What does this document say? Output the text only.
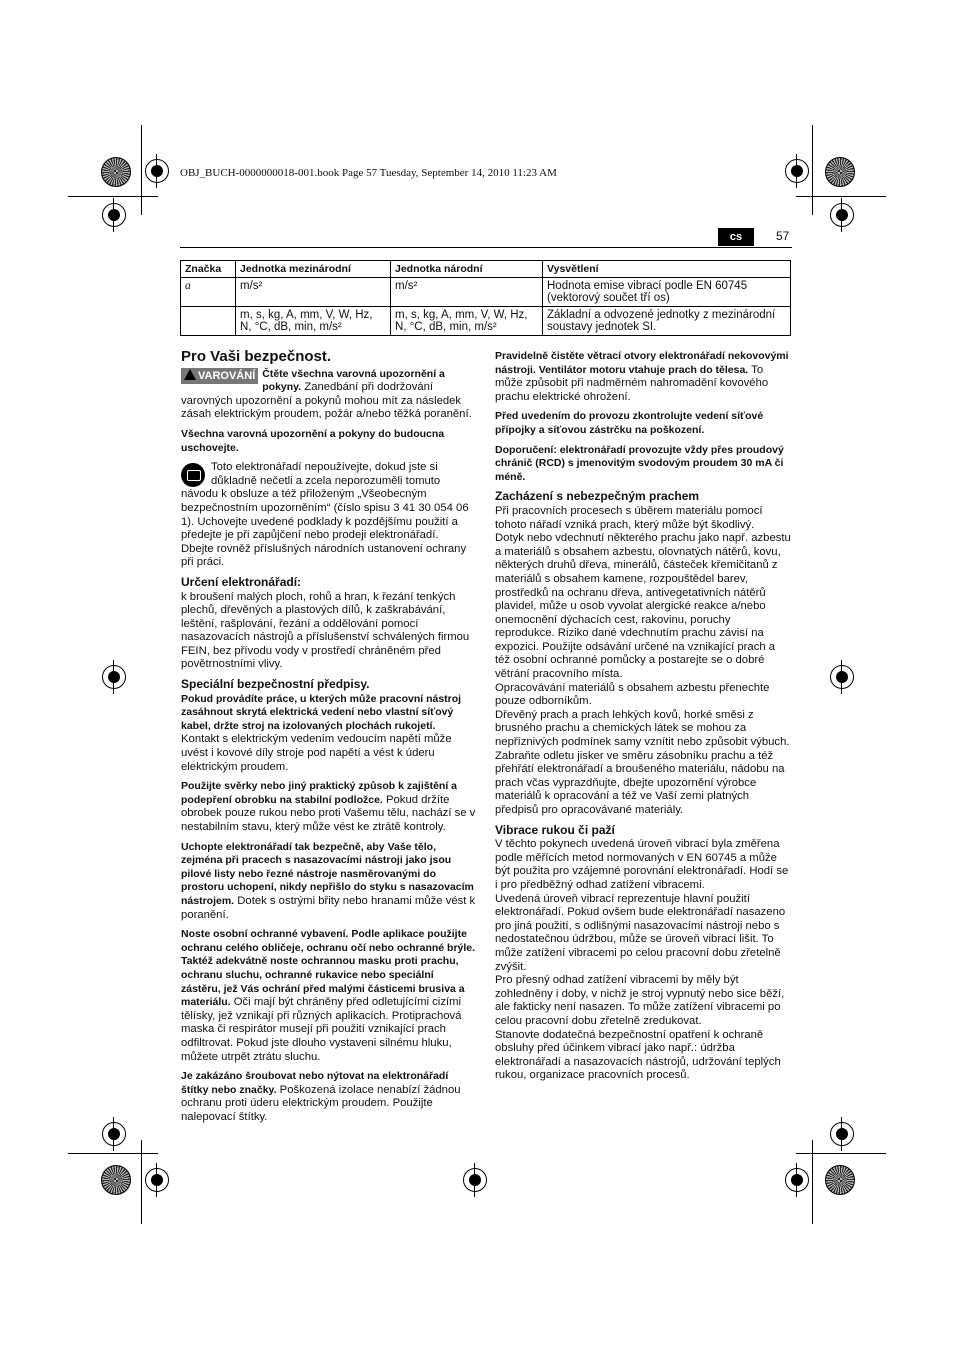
OBJ_BUCH-0000000018-001.book Page 57 Tuesday, September 14, 2010 11:23 AM
cs	57
Značka	Jednotka mezinárodní	Jednotka národní	Vysvětlení
a	m/s²	m/s²	Hodnota emise vibrací podle EN 60745 (vektorový součet tří os)
	m, s, kg, A, mm, V, W, Hz, N, °C, dB, min, m/s²	m, s, kg, A, mm, V, W, Hz, N, °C, dB, min, m/s²	Základní a odvozené jednotky z mezinárodní soustavy jednotek SI.
Pro Vaši bezpečnost.

VAROVÁNÍ Čtěte všechna varovná upozornění a pokyny. Zanedbání při dodržování varovných upozornění a pokynů mohou mít za následek zásah elektrickým proudem, požár a/nebo těžká poranění.

Všechna varovná upozornění a pokyny do budoucna uschovejte.

Toto elektronářadí nepoužívejte, dokud jste si důkladně nečetli a zcela neporozuměli tomuto návodu k obsluze a též přiloženým „Všeobecným bezpečnostním upozorněním“ (číslo spisu 3 41 30 054 06 1). Uchovejte uvedené podklady k pozdějšímu použití a předejte je při zapůjčení nebo prodeji elektronářadí.

Dbejte rovněž příslušných národních ustanovení ochrany při práci.

Určení elektronářadí:

k broušení malých ploch, rohů a hran, k řezání tenkých plechů, dřevěných a plastových dílů, k zaškrabávání, leštění, rašplování, řezání a oddělování pomocí nasazovacích nástrojů a příslušenství schválených firmou FEIN, bez přívodu vody v prostředí chráněném před povětrnostními vlivy.

Speciální bezpečnostní předpisy.

Pokud provádíte práce, u kterých může pracovní nástroj zasáhnout skrytá elektrická vedení nebo vlastní síťový kabel, držte stroj na izolovaných plochách rukojetí. Kontakt s elektrickým vedením vedoucím napětí může uvést i kovové díly stroje pod napětí a vést k úderu elektrickým proudem.

Použijte svěrky nebo jiný praktický způsob k zajištění a podepření obrobku na stabilní podložce. Pokud držíte obrobek pouze rukou nebo proti Vašemu tělu, nachází se v nestabilním stavu, který může vést ke ztrátě kontroly.

Uchopte elektronářadí tak bezpečně, aby Vaše tělo, zejména při pracech s nasazovacími nástroji jako jsou pilové listy nebo řezné nástroje nasměrovanými do prostoru uchopení, nikdy nepřišlo do styku s nasazovacím nástrojem. Dotek s ostrými břity nebo hranami může vést k poranění.

Noste osobní ochranné vybavení. Podle aplikace použijte ochranu celého obličeje, ochranu očí nebo ochranné brýle. Taktéž adekvátně noste ochrannou masku proti prachu, ochranu sluchu, ochranné rukavice nebo speciální zástěru, jež Vás ochrání před malými částicemi brusiva a materiálu. Oči mají být chráněny před odletujícími cizími tělísky, jež vznikají při různých aplikacích. Protiprachová maska či respirátor musejí při použití vznikající prach odfiltrovat. Pokud jste dlouho vystaveni silnému hluku, můžete utrpět ztrátu sluchu.

Je zakázáno šroubovat nebo nýtovat na elektronářadí štítky nebo značky. Poškozená izolace nenabízí žádnou ochranu proti úderu elektrickým proudem. Použijte nalepovací štítky.

Pravidelně čistěte větrací otvory elektronářadí nekovovými nástroji. Ventilátor motoru vtahuje prach do tělesa. To může způsobit při nadměrném nahromadění kovového prachu elektrické ohrožení.

Před uvedením do provozu zkontrolujte vedení síťové přípojky a síťovou zástrčku na poškození.

Doporučení: elektronářadí provozujte vždy přes proudový chránič (RCD) s jmenovitým svodovým proudem 30 mA či méně.

Zacházení s nebezpečným prachem

Při pracovních procesech s úběrem materiálu pomocí tohoto nářadí vzniká prach, který může být škodlivý.

Dotyk nebo vdechnutí některého prachu jako např. azbestu a materiálů s obsahem azbestu, olovnatých nátěrů, kovu, některých druhů dřeva, minerálů, částeček křemičitanů z materiálů s obsahem kamene, rozpouštědel barev, prostředků na ochranu dřeva, antivegetativních nátěrů plavidel, může u osob vyvolat alergické reakce a/nebo onemocnění dýchacích cest, rakovinu, poruchy reprodukce. Riziko dané vdechnutím prachu závisí na expozici. Použijte odsávání určené na vznikající prach a též osobní ochranné pomůcky a postarejte se o dobré větrání pracovního místa.

Opracovávání materiálů s obsahem azbestu přenechte pouze odborníkům.

Dřevěný prach a prach lehkých kovů, horké směsi z brusného prachu a chemických látek se mohou za nepříznivých podmínek samy vznítit nebo způsobit výbuch. Zabraňte odletu jisker ve směru zásobníku prachu a též přehřátí elektronářadí a broušeného materiálu, nádobu na prach včas vyprazdňujte, dbejte upozornění výrobce materiálů k opracování a též ve Vaší zemi platných předpisů pro opracovávané materiály.

Vibrace rukou či paží

V těchto pokynech uvedená úroveň vibrací byla změřena podle měřících metod normovaných v EN 60745 a může být použita pro vzájemné porovnání elektronářadí. Hodí se i pro předběžný odhad zatížení vibracemi.

Uvedená úroveň vibrací reprezentuje hlavní použití elektronářadí. Pokud ovšem bude elektronářadí nasazeno pro jiná použití, s odlišnými nasazovacími nástroji nebo s nedostatečnou údržbou, může se úroveň vibrací lišit. To může zatížení vibracemi po celou pracovní dobu zřetelně zvýšit.

Pro přesný odhad zatížení vibracemi by měly být zohledněny i doby, v nichž je stroj vypnutý nebo sice běží, ale fakticky není nasazen. To může zatížení vibracemi po celou pracovní dobu zřetelně zredukovat.

Stanovte dodatečná bezpečnostní opatření k ochraně obsluhy před účinkem vibrací jako např.: údržba elektronářadí a nasazovacích nástrojů, udržování teplých rukou, organizace pracovních procesů.
